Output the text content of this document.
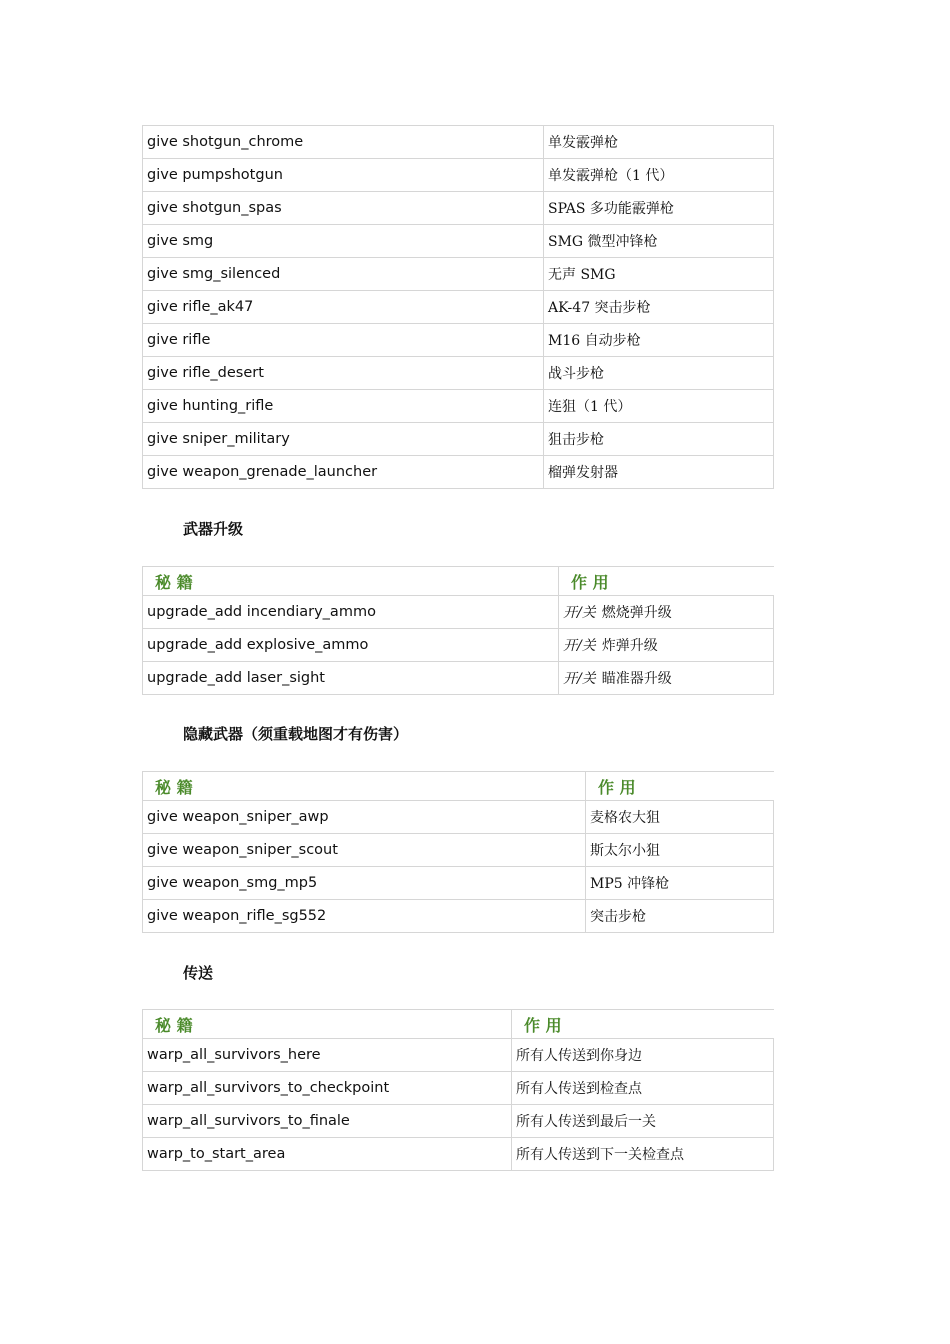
give shotgun_chrome	单发霰弹枪
give pumpshotgun	单发霰弹枪（1 代）
give shotgun_spas	SPAS 多功能霰弹枪
give smg	SMG 微型冲锋枪
give smg_silenced	无声 SMG
give rifle_ak47	AK-47 突击步枪
give rifle	M16 自动步枪
give rifle_desert	战斗步枪
give hunting_rifle	连狙（1 代）
give sniper_military	狙击步枪
give weapon_grenade_launcher	榴弹发射器
武器升级
秘 籍	作 用
upgrade_add incendiary_ammo	开/关 燃烧弹升级
upgrade_add explosive_ammo	开/关 炸弹升级
upgrade_add laser_sight	开/关 瞄准器升级
隐藏武器（须重载地图才有伤害）
秘 籍	作 用
give weapon_sniper_awp	麦格农大狙
give weapon_sniper_scout	斯太尔小狙
give weapon_smg_mp5	MP5 冲锋枪
give weapon_rifle_sg552	突击步枪
传送
秘 籍	作 用
warp_all_survivors_here	所有人传送到你身边
warp_all_survivors_to_checkpoint	所有人传送到检查点
warp_all_survivors_to_finale	所有人传送到最后一关
warp_to_start_area	所有人传送到下一关检查点
